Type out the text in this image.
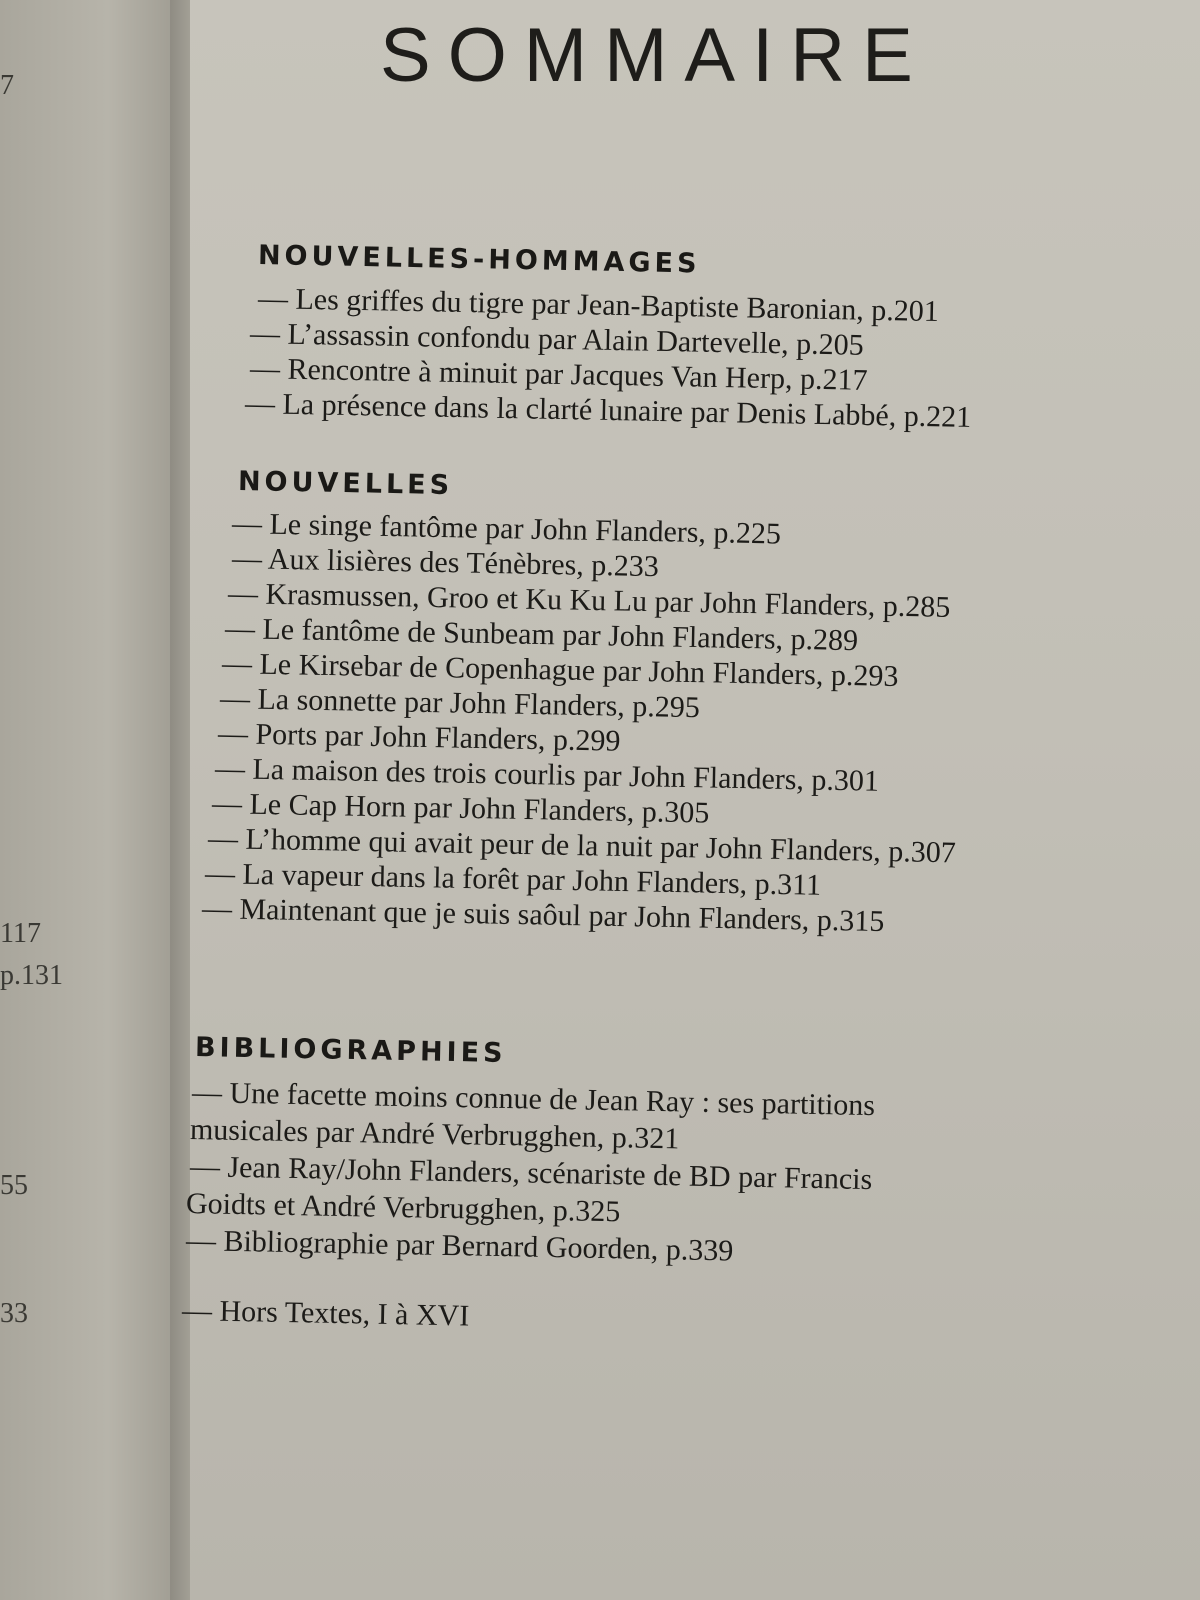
7
117
p.131
55
33
SOMMAIRE
NOUVELLES-HOMMAGES
— Les griffes du tigre par Jean-Baptiste Baronian, p.201
— L’assassin confondu par Alain Dartevelle, p.205
— Rencontre à minuit par Jacques Van Herp, p.217
— La présence dans la clarté lunaire par Denis Labbé, p.221
NOUVELLES
— Le singe fantôme par John Flanders, p.225
— Aux lisières des Ténèbres, p.233
— Krasmussen, Groo et Ku Ku Lu par John Flanders, p.285
— Le fantôme de Sunbeam par John Flanders, p.289
— Le Kirsebar de Copenhague par John Flanders, p.293
— La sonnette par John Flanders, p.295
— Ports par John Flanders, p.299
— La maison des trois courlis par John Flanders, p.301
— Le Cap Horn par John Flanders, p.305
— L’homme qui avait peur de la nuit par John Flanders, p.307
— La vapeur dans la forêt par John Flanders, p.311
— Maintenant que je suis saôul par John Flanders, p.315
BIBLIOGRAPHIES
— Une facette moins connue de Jean Ray : ses partitions
musicales par André Verbrugghen, p.321
— Jean Ray/John Flanders, scénariste de BD par Francis
Goidts et André Verbrugghen, p.325
— Bibliographie par Bernard Goorden, p.339
— Hors Textes, I à XVI
